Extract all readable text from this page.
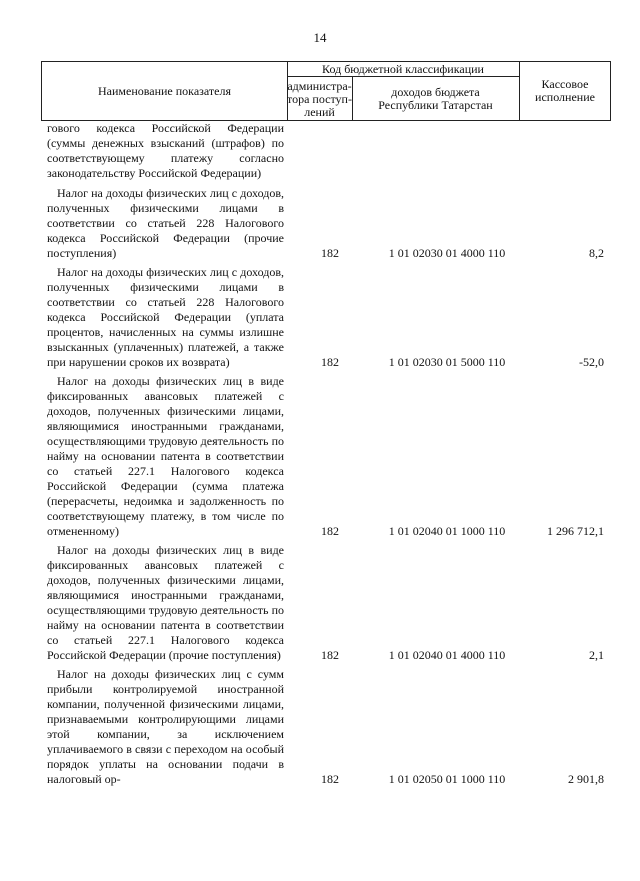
14
Наименование показателя
Код бюджетной классификации
администра-
тора поступ-
лений
доходов бюджета
Республики Татарстан
Кассовое
исполнение
гового кодекса Российской Федерации (суммы денежных взысканий (штрафов) по соответствующему платежу согласно законодательству Российской Федерации)
Налог на доходы физических лиц с доходов, полученных физическими лицами в соответствии со статьей 228 Налогового кодекса Российской Федерации (прочие поступления)	182	1 01 02030 01 4000 110	8,2
Налог на доходы физических лиц с доходов, полученных физическими лицами в соответствии со статьей 228 Налогового кодекса Российской Федерации (уплата процентов, начисленных на суммы излишне взысканных (уплаченных) платежей, а также при нарушении сроков их возврата)	182	1 01 02030 01 5000 110	-52,0
Налог на доходы физических лиц в виде фиксированных авансовых платежей с доходов, полученных физическими лицами, являющимися иностранными гражданами, осуществляющими трудовую деятельность по найму на основании патента в соответствии со статьей 227.1 Налогового кодекса Российской Федерации (сумма платежа (перерасчеты, недоимка и задолженность по соответствующему платежу, в том числе по отмененному)	182	1 01 02040 01 1000 110	1 296 712,1
Налог на доходы физических лиц в виде фиксированных авансовых платежей с доходов, полученных физическими лицами, являющимися иностранными гражданами, осуществляющими трудовую деятельность по найму на основании патента в соответствии со статьей 227.1 Налогового кодекса Российской Федерации (прочие поступления)	182	1 01 02040 01 4000 110	2,1
Налог на доходы физических лиц с сумм прибыли контролируемой иностранной компании, полученной физическими лицами, признаваемыми контролирующими лицами этой компании, за исключением уплачиваемого в связи с переходом на особый порядок уплаты на основании подачи в налоговый ор-	182	1 01 02050 01 1000 110	2 901,8
